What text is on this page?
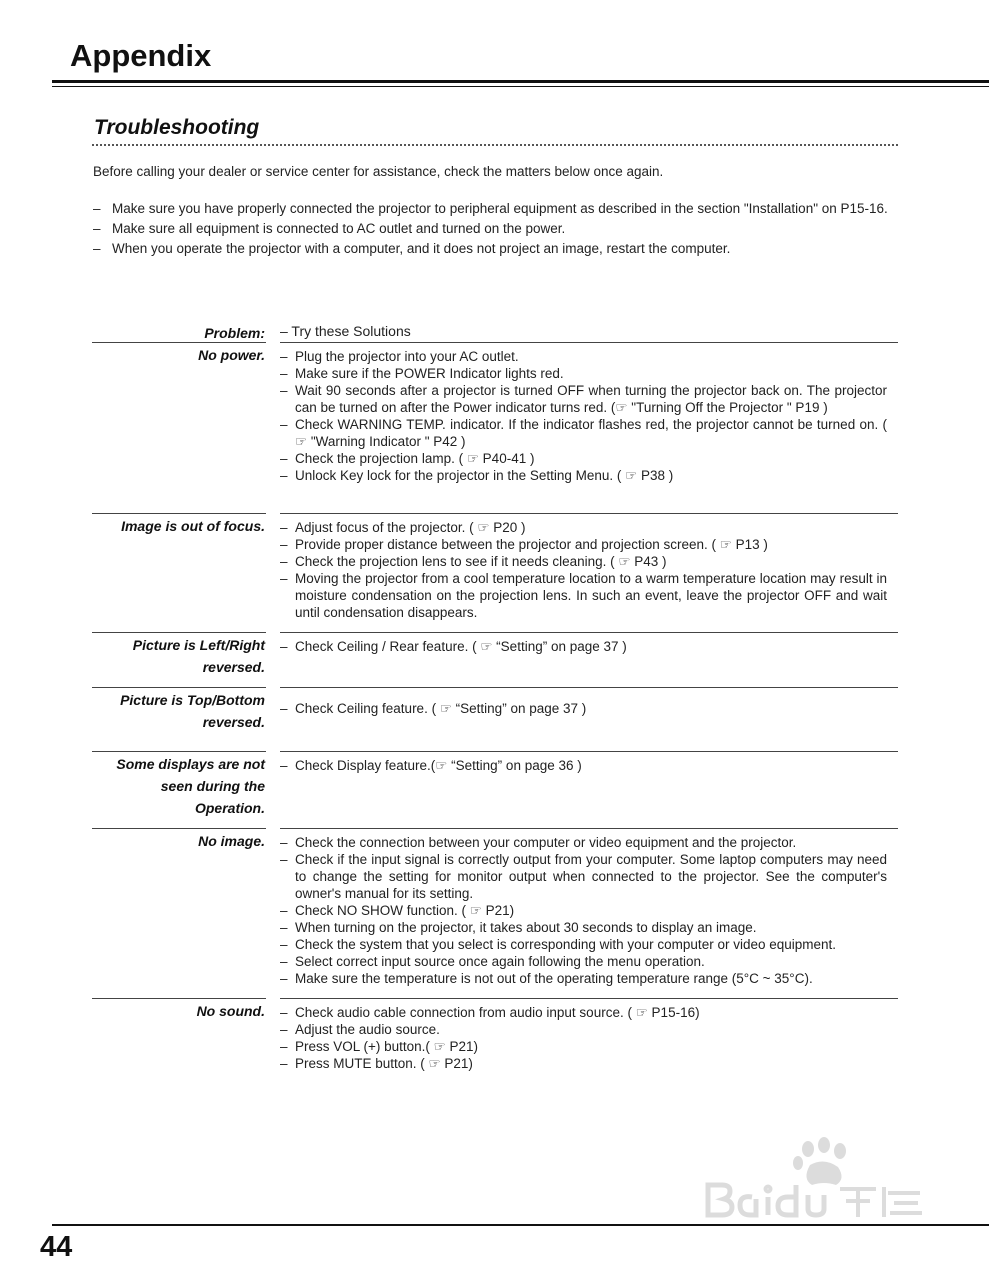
Appendix
Troubleshooting

Before calling your dealer or service center for assistance, check the matters below once again.

– Make sure you have properly connected the projector to peripheral equipment as described in the section "Installation" on P15-16.
– Make sure all equipment is connected to AC outlet and turned on the power.
– When you operate the projector with a computer, and it does not project an image, restart the computer.
Problem: – Try these Solutions
No power. – Plug the projector into your AC outlet.
– Make sure if the POWER Indicator lights red.
– Wait 90 seconds after a projector is turned OFF when turning the projector back on. The projector can be turned on after the Power indicator turns red. (☞ "Turning Off the Projector " P19 )
– Check WARNING TEMP. indicator. If the indicator flashes red, the projector cannot be turned on. ( ☞ "Warning Indicator " P42 )
– Check the projection lamp. ( ☞ P40-41 )
– Unlock Key lock for the projector in the Setting Menu. ( ☞ P38 )
Image is out of focus. – Adjust focus of the projector. ( ☞ P20 )
– Provide proper distance between the projector and projection screen. ( ☞ P13 )
– Check the projection lens to see if it needs cleaning. ( ☞ P43 )
– Moving the projector from a cool temperature location to a warm temperature location may result in moisture condensation on the projection lens. In such an event, leave the projector OFF and wait until condensation disappears.
Picture is Left/Right
reversed.
– Check Ceiling / Rear feature. ( ☞ “Setting” on page 37 )
Picture is Top/Bottom
reversed.
– Check Ceiling feature. ( ☞ “Setting” on page 37 )
Some displays are not
seen during the
Operation.
– Check Display feature.(☞ “Setting” on page 36 )
No image. – Check the connection between your computer or video equipment and the projector.
– Check if the input signal is correctly output from your computer. Some laptop computers may need to change the setting for monitor output when connected to the projector. See the computer's owner's manual for its setting.
– Check NO SHOW function. ( ☞ P21)
– When turning on the projector, it takes about 30 seconds to display an image.
– Check the system that you select is corresponding with your computer or video equipment.
– Select correct input source once again following the menu operation.
– Make sure the temperature is not out of the operating temperature range (5°C ~ 35°C).
No sound. – Check audio cable connection from audio input source. ( ☞ P15-16)
– Adjust the audio source.
– Press VOL (+) button.( ☞ P21)
– Press MUTE button. ( ☞ P21)
44
